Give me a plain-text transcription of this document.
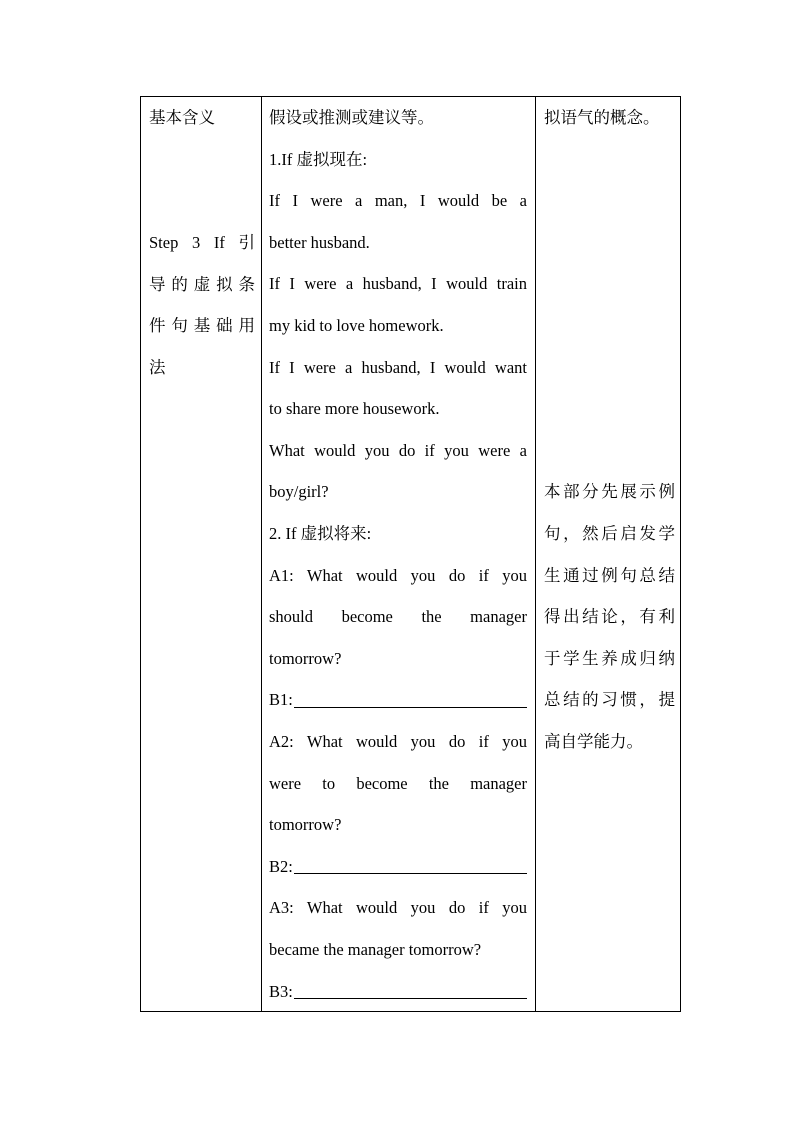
基本含义
Step 3 If 引
导的虚拟条
件句基础用
法
假设或推测或建议等。
1.If 虚拟现在:
If I were a man, I would be a
better husband.
If I were a husband, I would train
my kid to love homework.
If I were a husband, I would want
to share more housework.
What would you do if you were a
boy/girl?
2. If 虚拟将来:
A1: What would you do if you
should become the manager
tomorrow?
B1:
A2: What would you do if you
were to become the manager
tomorrow?
B2:
A3: What would you do if you
became the manager tomorrow?
B3:
拟语气的概念。
本部分先展示例
句，然后启发学
生通过例句总结
得出结论，有利
于学生养成归纳
总结的习惯，提
高自学能力。
